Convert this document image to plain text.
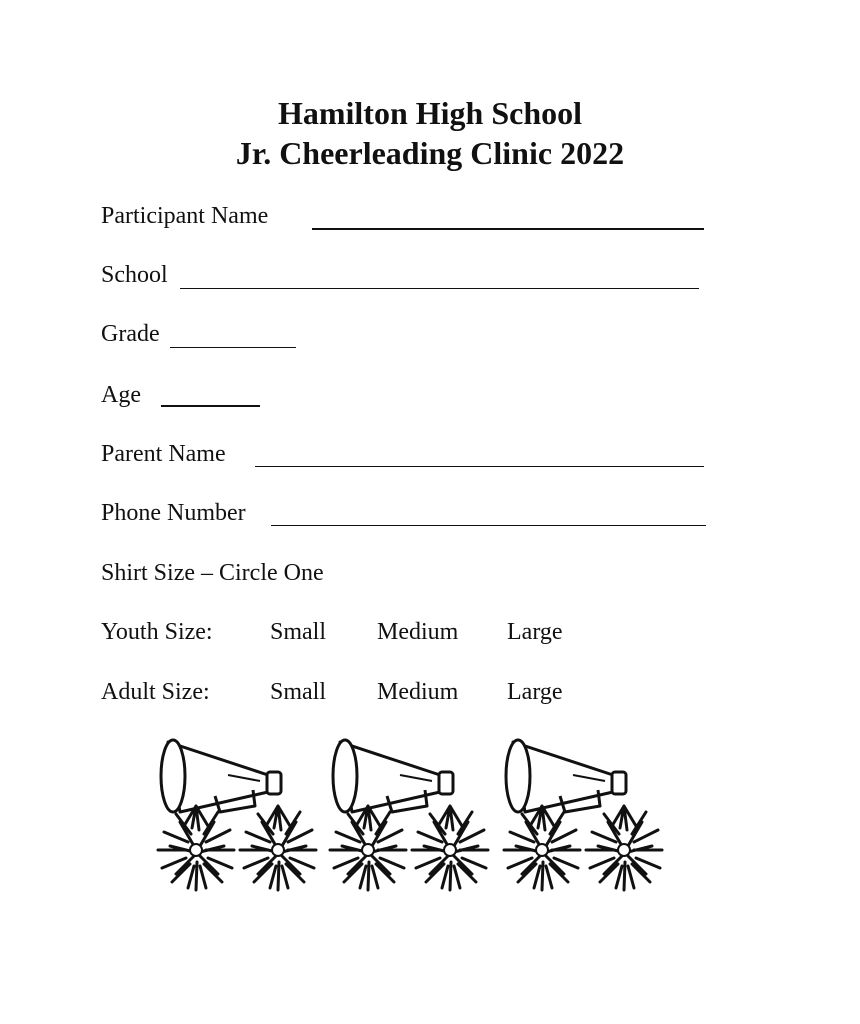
Hamilton High School
Jr. Cheerleading Clinic 2022
Participant Name
School
Grade
Age
Parent Name
Phone Number
Shirt Size – Circle One
Youth Size: Small Medium Large
Adult Size:	Small Medium Large
